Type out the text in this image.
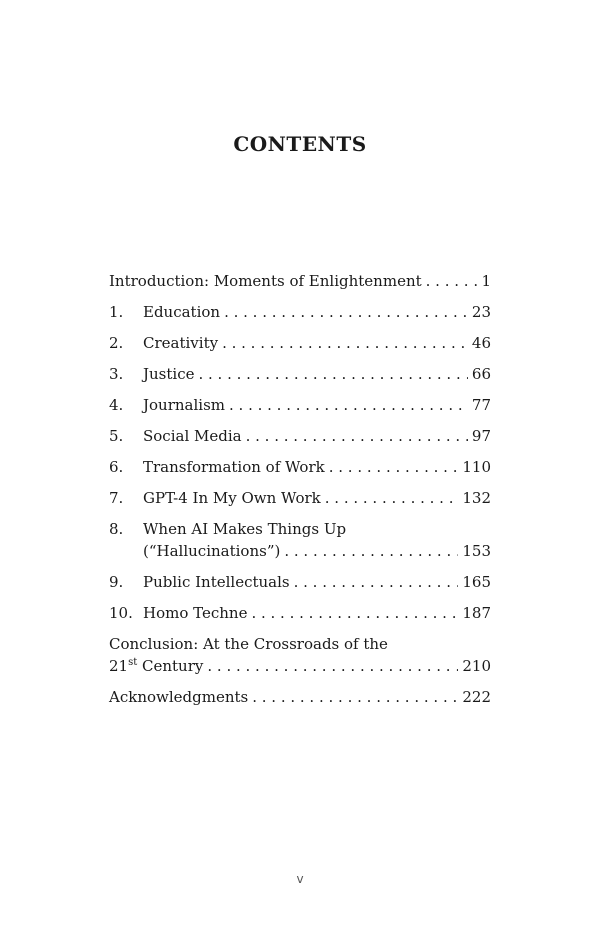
CONTENTS
Introduction: Moments of Enlightenment . . .	1
1.	Education . . .	23
2.	Creativity . . .	46
3.	Justice . . .	66
4.	Journalism . . .	77
5.	Social Media . . .	97
6.	Transformation of Work . . .	110
7.	GPT-4 In My Own Work . . .	132
8.	When AI Makes Things Up
(“Hallucinations”) . . .	153
9.	Public Intellectuals . . .	165
10. Homo Techne . . .	187
Conclusion: At the Crossroads of the
21st Century . . .	210
Acknowledgments . . .	222
v
